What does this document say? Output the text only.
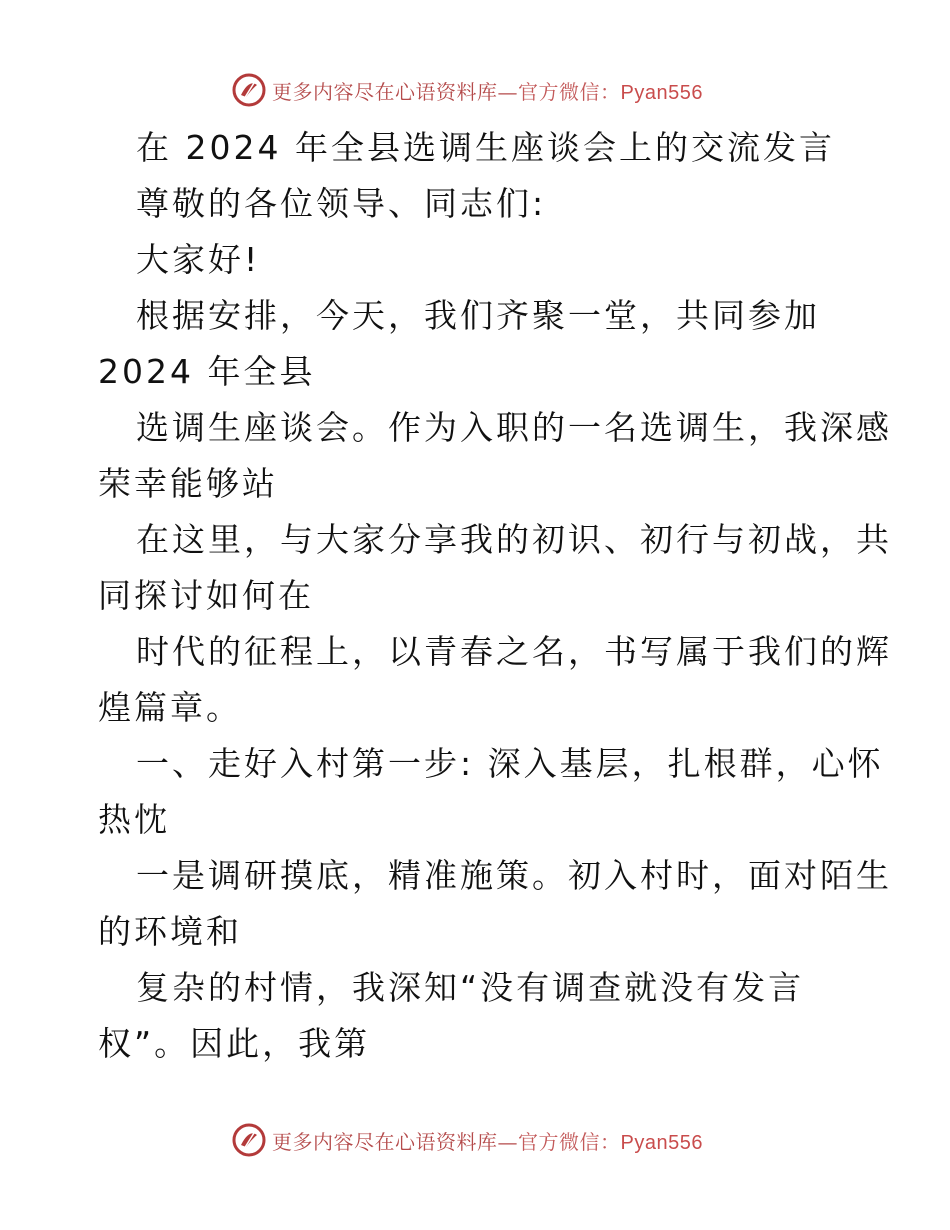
更多内容尽在心语资料库—官方微信：Pyan556
在 2024 年全县选调生座谈会上的交流发言
尊敬的各位领导、同志们:
大家好!
根据安排，今天，我们齐聚一堂，共同参加
2024 年全县
选调生座谈会。作为入职的一名选调生，我深感
荣幸能够站
在这里，与大家分享我的初识、初行与初战，共
同探讨如何在
时代的征程上，以青春之名，书写属于我们的辉
煌篇章。
一、走好入村第一步: 深入基层，扎根群，心怀
热忱
一是调研摸底，精准施策。初入村时，面对陌生
的环境和
复杂的村情，我深知“没有调查就没有发言
权”。因此，我第
更多内容尽在心语资料库—官方微信：Pyan556
